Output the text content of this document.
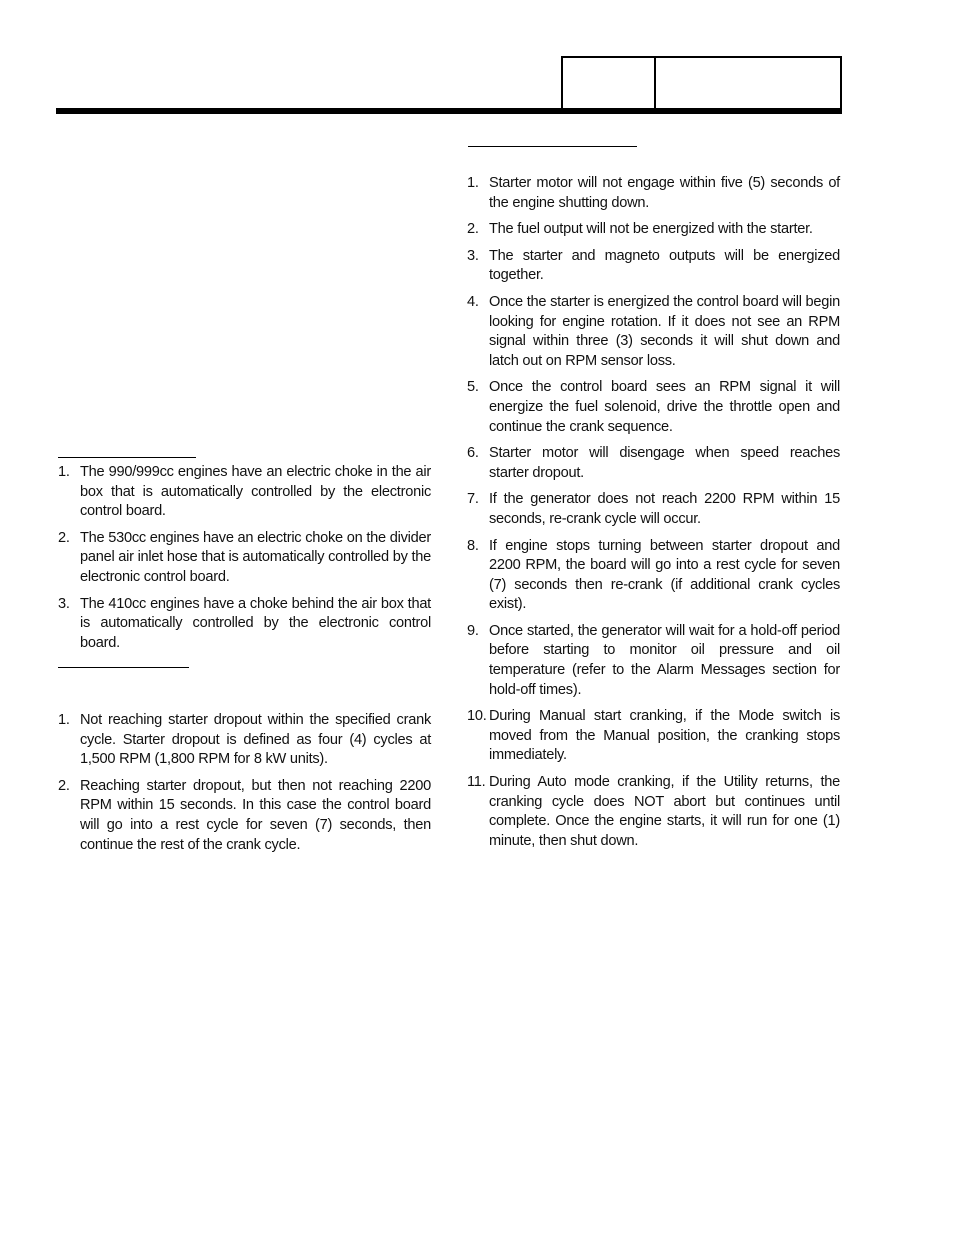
1. The 990/999cc engines have an electric choke in the air box that is automatically controlled by the electronic control board.
2. The 530cc engines have an electric choke on the divider panel air inlet hose that is automatically controlled by the electronic control board.
3. The 410cc engines have a choke behind the air box that is automatically controlled by the electronic control board.
1. Not reaching starter dropout within the specified crank cycle. Starter dropout is defined as four (4) cycles at 1,500 RPM (1,800 RPM for 8 kW units).
2. Reaching starter dropout, but then not reaching 2200 RPM within 15 seconds. In this case the control board will go into a rest cycle for seven (7) seconds, then continue the rest of the crank cycle.
1. Starter motor will not engage within five (5) seconds of the engine shutting down.
2. The fuel output will not be energized with the starter.
3. The starter and magneto outputs will be energized together.
4. Once the starter is energized the control board will begin looking for engine rotation. If it does not see an RPM signal within three (3) seconds it will shut down and latch out on RPM sensor loss.
5. Once the control board sees an RPM signal it will energize the fuel solenoid, drive the throttle open and continue the crank sequence.
6. Starter motor will disengage when speed reaches starter dropout.
7. If the generator does not reach 2200 RPM within 15 seconds, re-crank cycle will occur.
8. If engine stops turning between starter dropout and 2200 RPM, the board will go into a rest cycle for seven (7) seconds then re-crank (if additional crank cycles exist).
9. Once started, the generator will wait for a hold-off period before starting to monitor oil pressure and oil temperature (refer to the Alarm Messages section for hold-off times).
10. During Manual start cranking, if the Mode switch is moved from the Manual position, the cranking stops immediately.
11. During Auto mode cranking, if the Utility returns, the cranking cycle does NOT abort but continues until complete. Once the engine starts, it will run for one (1) minute, then shut down.
